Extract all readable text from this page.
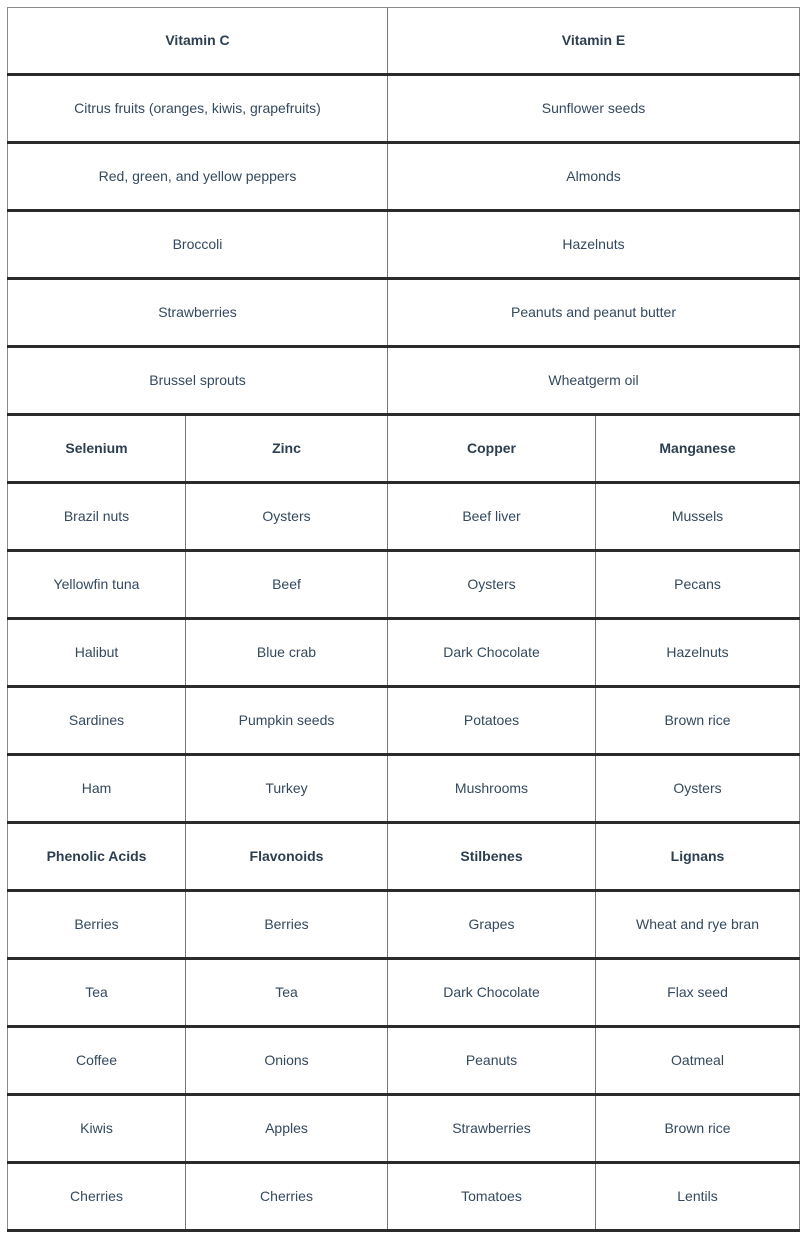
Vitamin C		Vitamin E	
Citrus fruits (oranges, kiwis, grapefruits)		Sunflower seeds	
Red, green, and yellow peppers		Almonds	
Broccoli		Hazelnuts	
Strawberries		Peanuts and peanut butter	
Brussel sprouts		Wheatgerm oil	
Selenium	Zinc	Copper	Manganese
Brazil nuts	Oysters	Beef liver	Mussels
Yellowfin tuna	Beef	Oysters	Pecans
Halibut	Blue crab	Dark Chocolate	Hazelnuts
Sardines	Pumpkin seeds	Potatoes	Brown rice
Ham	Turkey	Mushrooms	Oysters
Phenolic Acids	Flavonoids	Stilbenes	Lignans
Berries	Berries	Grapes	Wheat and rye bran
Tea	Tea	Dark Chocolate	Flax seed
Coffee	Onions	Peanuts	Oatmeal
Kiwis	Apples	Strawberries	Brown rice
Cherries	Cherries	Tomatoes	Lentils
